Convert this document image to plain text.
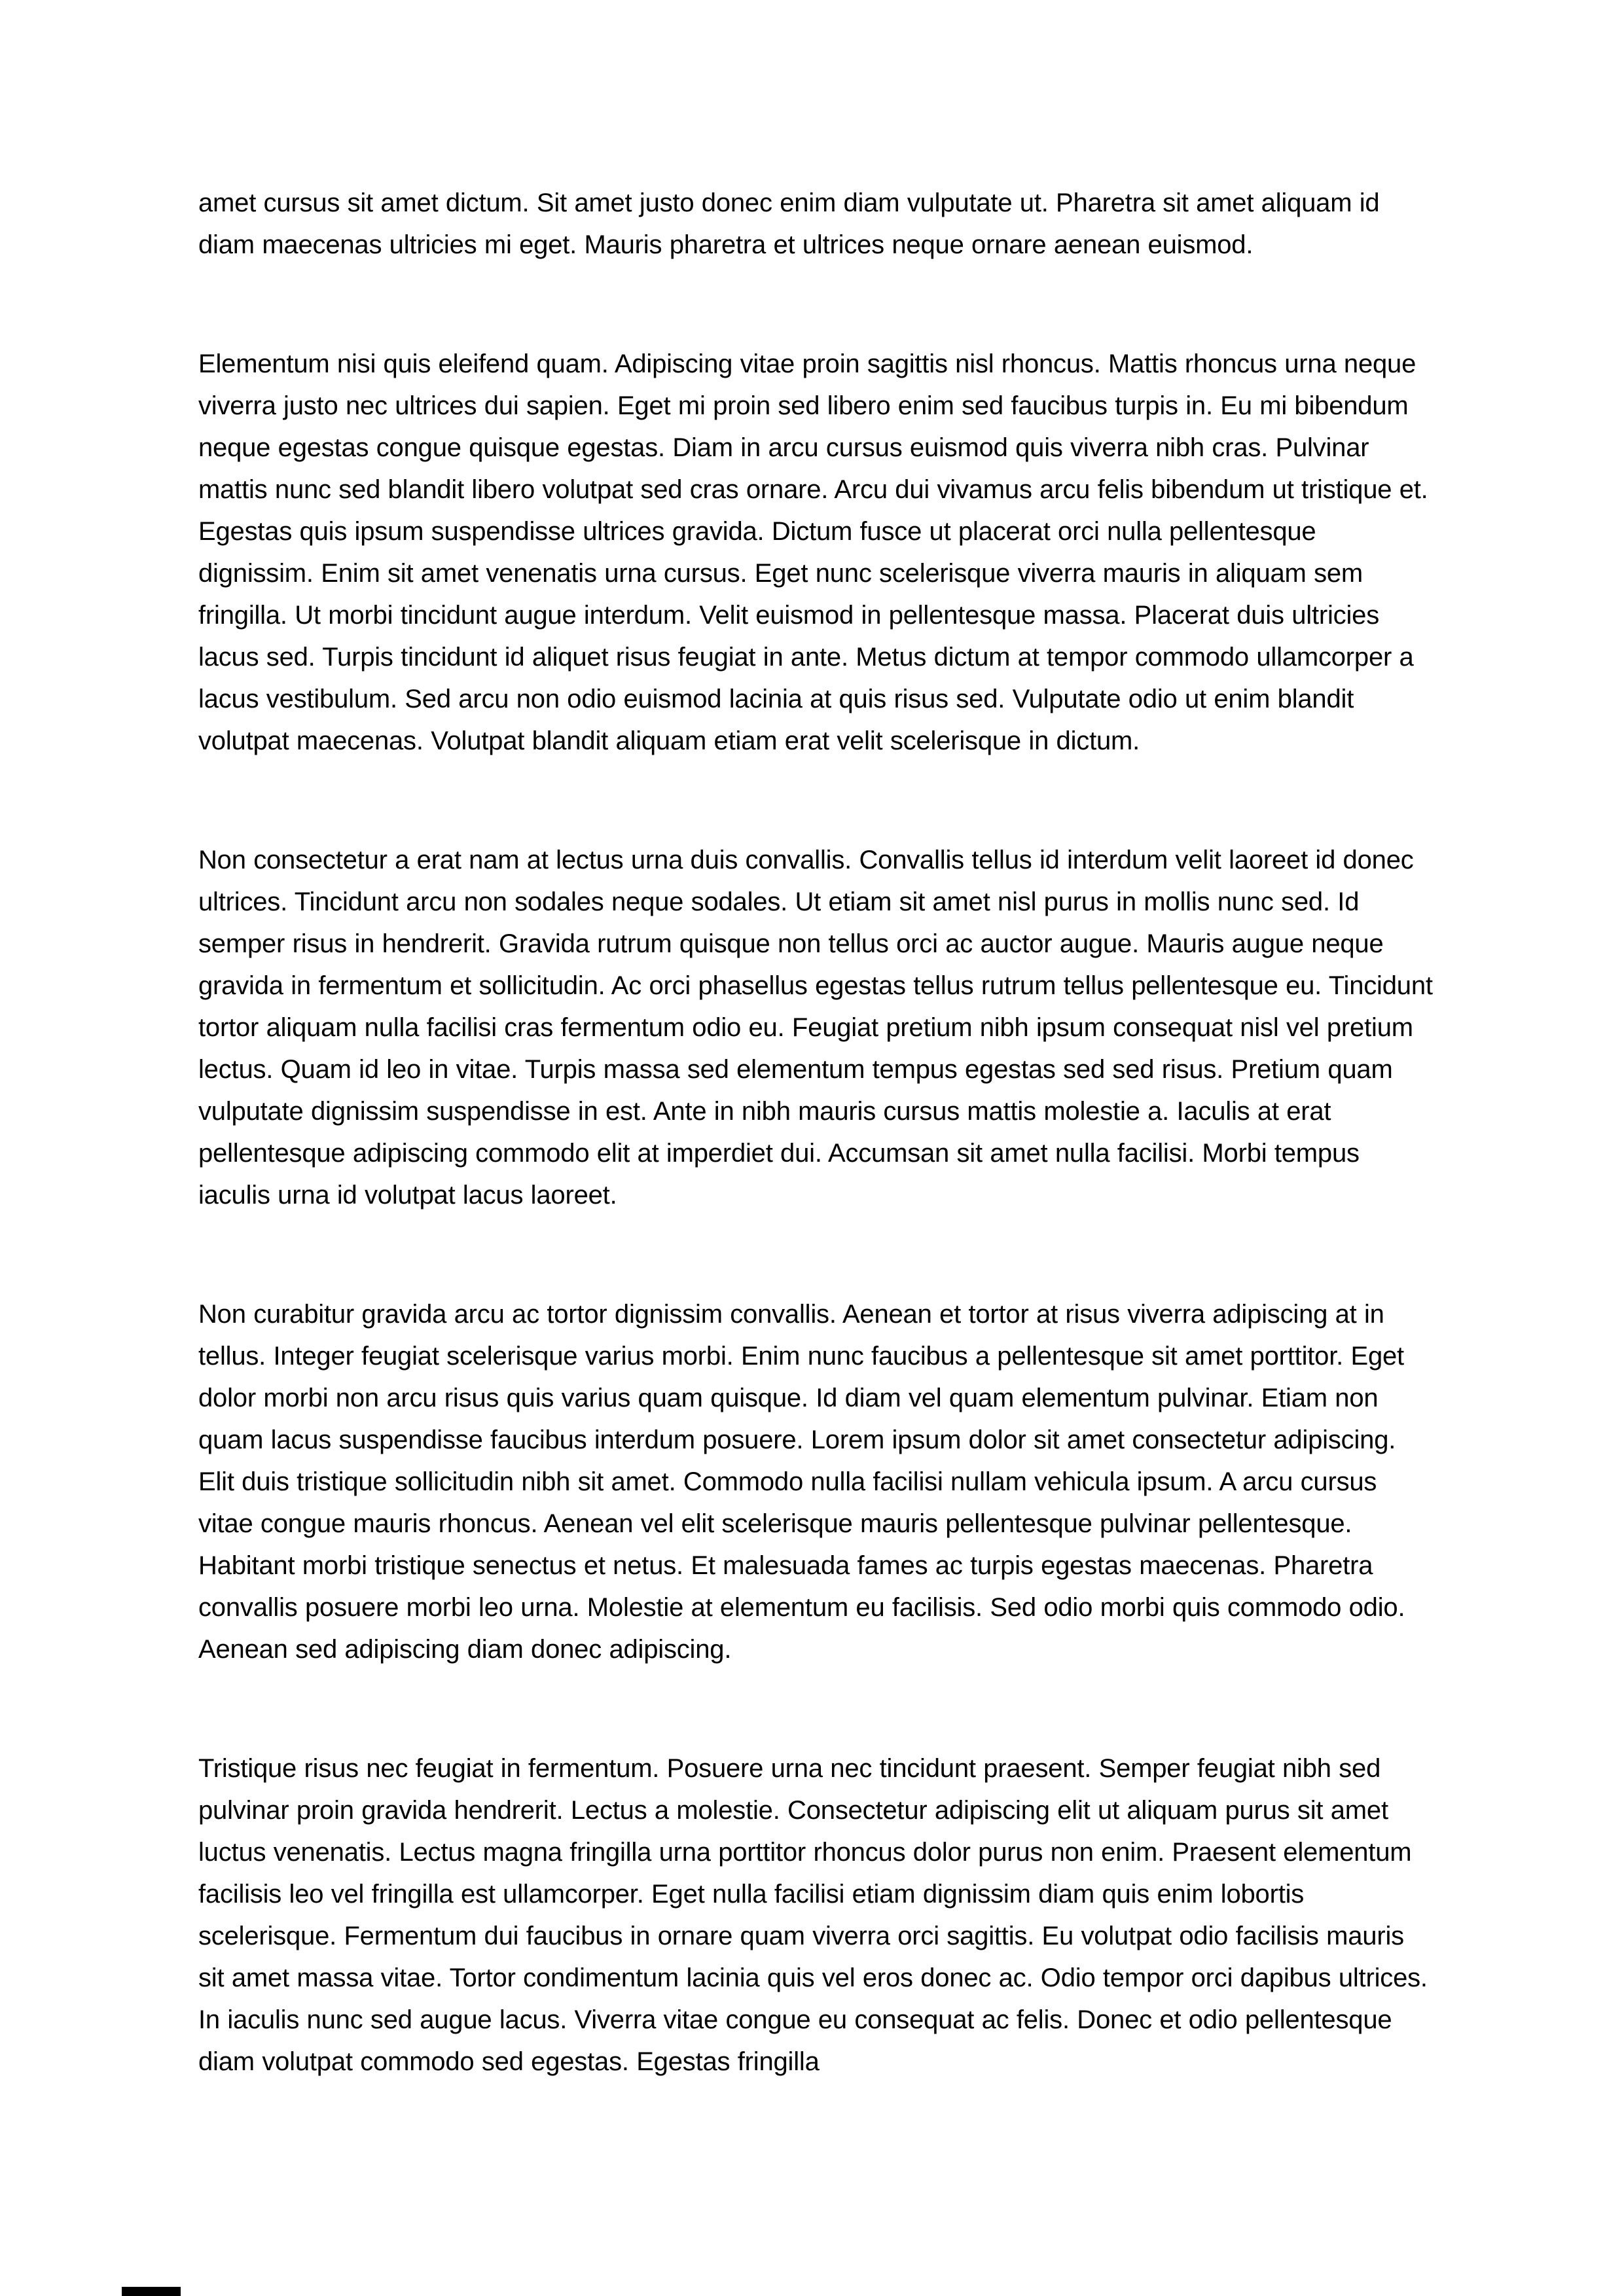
amet cursus sit amet dictum. Sit amet justo donec enim diam vulputate ut. Pharetra sit amet aliquam id diam maecenas ultricies mi eget. Mauris pharetra et ultrices neque ornare aenean euismod.

Elementum nisi quis eleifend quam. Adipiscing vitae proin sagittis nisl rhoncus. Mattis rhoncus urna neque viverra justo nec ultrices dui sapien. Eget mi proin sed libero enim sed faucibus turpis in. Eu mi bibendum neque egestas congue quisque egestas. Diam in arcu cursus euismod quis viverra nibh cras. Pulvinar mattis nunc sed blandit libero volutpat sed cras ornare. Arcu dui vivamus arcu felis bibendum ut tristique et. Egestas quis ipsum suspendisse ultrices gravida. Dictum fusce ut placerat orci nulla pellentesque dignissim. Enim sit amet venenatis urna cursus. Eget nunc scelerisque viverra mauris in aliquam sem fringilla. Ut morbi tincidunt augue interdum. Velit euismod in pellentesque massa. Placerat duis ultricies lacus sed. Turpis tincidunt id aliquet risus feugiat in ante. Metus dictum at tempor commodo ullamcorper a lacus vestibulum. Sed arcu non odio euismod lacinia at quis risus sed. Vulputate odio ut enim blandit volutpat maecenas. Volutpat blandit aliquam etiam erat velit scelerisque in dictum.

Non consectetur a erat nam at lectus urna duis convallis. Convallis tellus id interdum velit laoreet id donec ultrices. Tincidunt arcu non sodales neque sodales. Ut etiam sit amet nisl purus in mollis nunc sed. Id semper risus in hendrerit. Gravida rutrum quisque non tellus orci ac auctor augue. Mauris augue neque gravida in fermentum et sollicitudin. Ac orci phasellus egestas tellus rutrum tellus pellentesque eu. Tincidunt tortor aliquam nulla facilisi cras fermentum odio eu. Feugiat pretium nibh ipsum consequat nisl vel pretium lectus. Quam id leo in vitae. Turpis massa sed elementum tempus egestas sed sed risus. Pretium quam vulputate dignissim suspendisse in est. Ante in nibh mauris cursus mattis molestie a. Iaculis at erat pellentesque adipiscing commodo elit at imperdiet dui. Accumsan sit amet nulla facilisi. Morbi tempus iaculis urna id volutpat lacus laoreet.

Non curabitur gravida arcu ac tortor dignissim convallis. Aenean et tortor at risus viverra adipiscing at in tellus. Integer feugiat scelerisque varius morbi. Enim nunc faucibus a pellentesque sit amet porttitor. Eget dolor morbi non arcu risus quis varius quam quisque. Id diam vel quam elementum pulvinar. Etiam non quam lacus suspendisse faucibus interdum posuere. Lorem ipsum dolor sit amet consectetur adipiscing. Elit duis tristique sollicitudin nibh sit amet. Commodo nulla facilisi nullam vehicula ipsum. A arcu cursus vitae congue mauris rhoncus. Aenean vel elit scelerisque mauris pellentesque pulvinar pellentesque. Habitant morbi tristique senectus et netus. Et malesuada fames ac turpis egestas maecenas. Pharetra convallis posuere morbi leo urna. Molestie at elementum eu facilisis. Sed odio morbi quis commodo odio. Aenean sed adipiscing diam donec adipiscing.

Tristique risus nec feugiat in fermentum. Posuere urna nec tincidunt praesent. Semper feugiat nibh sed pulvinar proin gravida hendrerit. Lectus a molestie. Consectetur adipiscing elit ut aliquam purus sit amet luctus venenatis. Lectus magna fringilla urna porttitor rhoncus dolor purus non enim. Praesent elementum facilisis leo vel fringilla est ullamcorper. Eget nulla facilisi etiam dignissim diam quis enim lobortis scelerisque. Fermentum dui faucibus in ornare quam viverra orci sagittis. Eu volutpat odio facilisis mauris sit amet massa vitae. Tortor condimentum lacinia quis vel eros donec ac. Odio tempor orci dapibus ultrices. In iaculis nunc sed augue lacus. Viverra vitae congue eu consequat ac felis. Donec et odio pellentesque diam volutpat commodo sed egestas. Egestas fringilla
